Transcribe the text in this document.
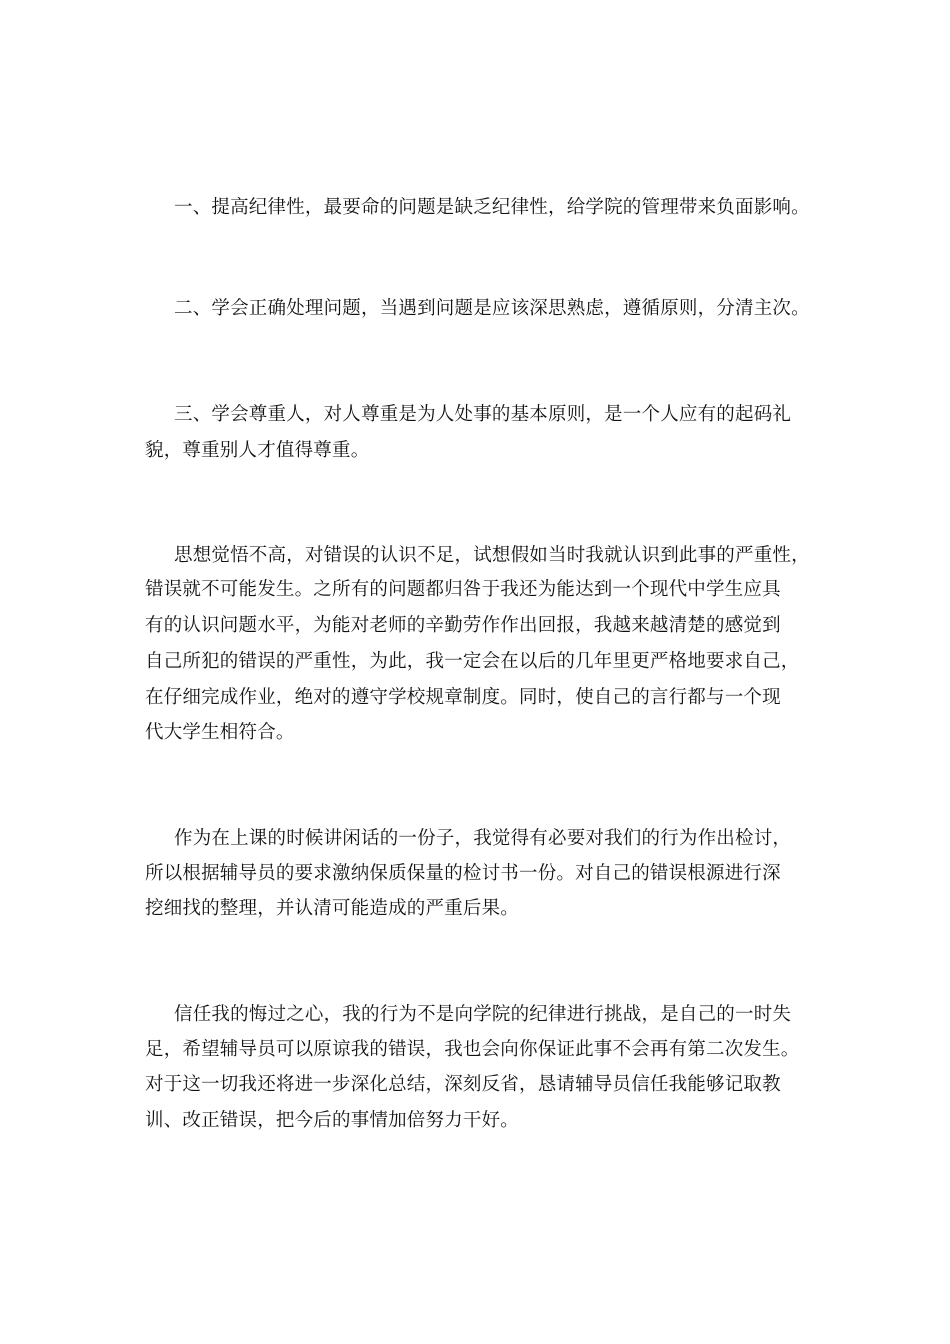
一、提高纪律性，最要命的问题是缺乏纪律性，给学院的管理带来负面影响。
二、学会正确处理问题，当遇到问题是应该深思熟虑，遵循原则，分清主次。
三、学会尊重人，对人尊重是为人处事的基本原则，是一个人应有的起码礼
貌，尊重别人才值得尊重。
思想觉悟不高，对错误的认识不足，试想假如当时我就认识到此事的严重性，
错误就不可能发生。之所有的问题都归咎于我还为能达到一个现代中学生应具
有的认识问题水平，为能对老师的辛勤劳作作出回报，我越来越清楚的感觉到
自己所犯的错误的严重性，为此，我一定会在以后的几年里更严格地要求自己，
在仔细完成作业，绝对的遵守学校规章制度。同时，使自己的言行都与一个现
代大学生相符合。
作为在上课的时候讲闲话的一份子，我觉得有必要对我们的行为作出检讨，
所以根据辅导员的要求激纳保质保量的检讨书一份。对自己的错误根源进行深
挖细找的整理，并认清可能造成的严重后果。
信任我的悔过之心，我的行为不是向学院的纪律进行挑战，是自己的一时失
足，希望辅导员可以原谅我的错误，我也会向你保证此事不会再有第二次发生。
对于这一切我还将进一步深化总结，深刻反省，恳请辅导员信任我能够记取教
训、改正错误，把今后的事情加倍努力干好。
